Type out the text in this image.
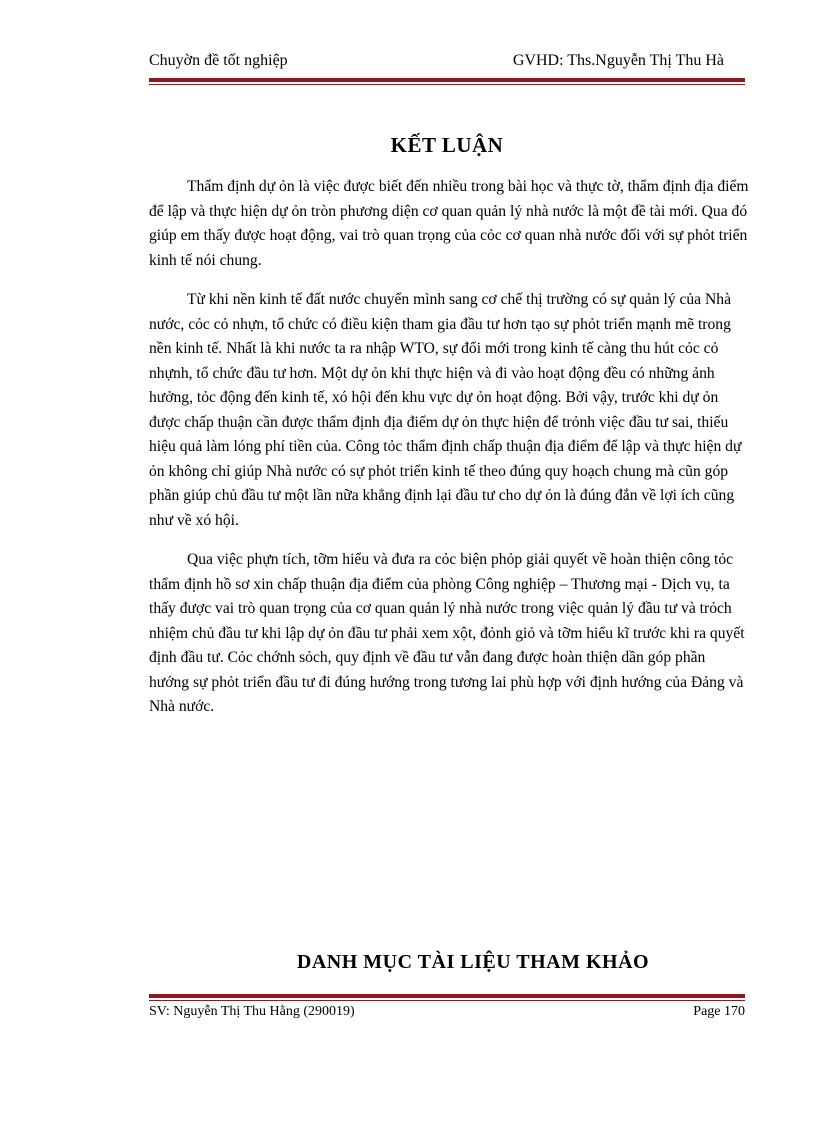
Chuyờn đề tốt nghiệp	GVHD: Ths.Nguyễn Thị Thu Hà
KẾT LUẬN

Thẩm định dự ỏn là việc được biết đến nhiều trong bài học và thực tờ, thẩm định địa điểm để lập và thực hiện dự ỏn tròn phương diện cơ quan quản lý nhà nước là một đề tài mới. Qua đó giúp em thấy được hoạt động, vai trò quan trọng của cỏc cơ quan nhà nước đối với sự phỏt triển kinh tế nói chung.

Từ khi nền kinh tế đất nước chuyển mình sang cơ chế thị trường có sự quản lý của Nhà nước, cỏc cỏ nhựn, tổ chức có điều kiện tham gia đầu tư hơn tạo sự phỏt triển mạnh mẽ trong nền kinh tế. Nhất là khi nước ta ra nhập WTO, sự đổi mới trong kinh tế càng thu hút cỏc cỏ nhựnh, tổ chức đầu tư hơn. Một dự ỏn khi thực hiện và đi vào hoạt động đều có những ảnh hưởng, tỏc động đến kinh tế, xó hội đến khu vực dự ỏn hoạt động. Bởi vậy, trước khi dự ỏn được chấp thuận cần được thẩm định địa điểm dự ỏn thực hiện để trỏnh việc đầu tư sai, thiếu hiệu quả làm lóng phí tiền của. Công tỏc thẩm định chấp thuận địa điểm để lập và thực hiện dự ỏn không chỉ giúp Nhà nước có sự phỏt triển kinh tế theo đúng quy hoạch chung mà cũn góp phần giúp chủ đầu tư một lần nữa khẳng định lại đầu tư cho dự ỏn là đúng đắn về lợi ích cũng như về xó hội.

Qua việc phựn tích, tỡm hiểu và đưa ra cỏc biện phỏp giải quyết về hoàn thiện công tỏc thẩm định hồ sơ xin chấp thuận địa điểm của phòng Công nghiệp – Thương mại - Dịch vụ, ta thấy được vai trò quan trọng của cơ quan quản lý nhà nước trong việc quản lý đầu tư và trỏch nhiệm chủ đầu tư khi lập dự ỏn đầu tư phải xem xột, đỏnh giỏ và tỡm hiểu kĩ trước khi ra quyết định đầu tư. Cỏc chớnh sỏch, quy định về đầu tư vẫn đang được hoàn thiện dần góp phần hướng sự phỏt triển đầu tư đi đúng hướng trong tương lai phù hợp với định hướng của Đảng và Nhà nước.

DANH MỤC TÀI LIỆU THAM KHẢO
SV: Nguyễn Thị Thu Hằng (290019)	Page 170
